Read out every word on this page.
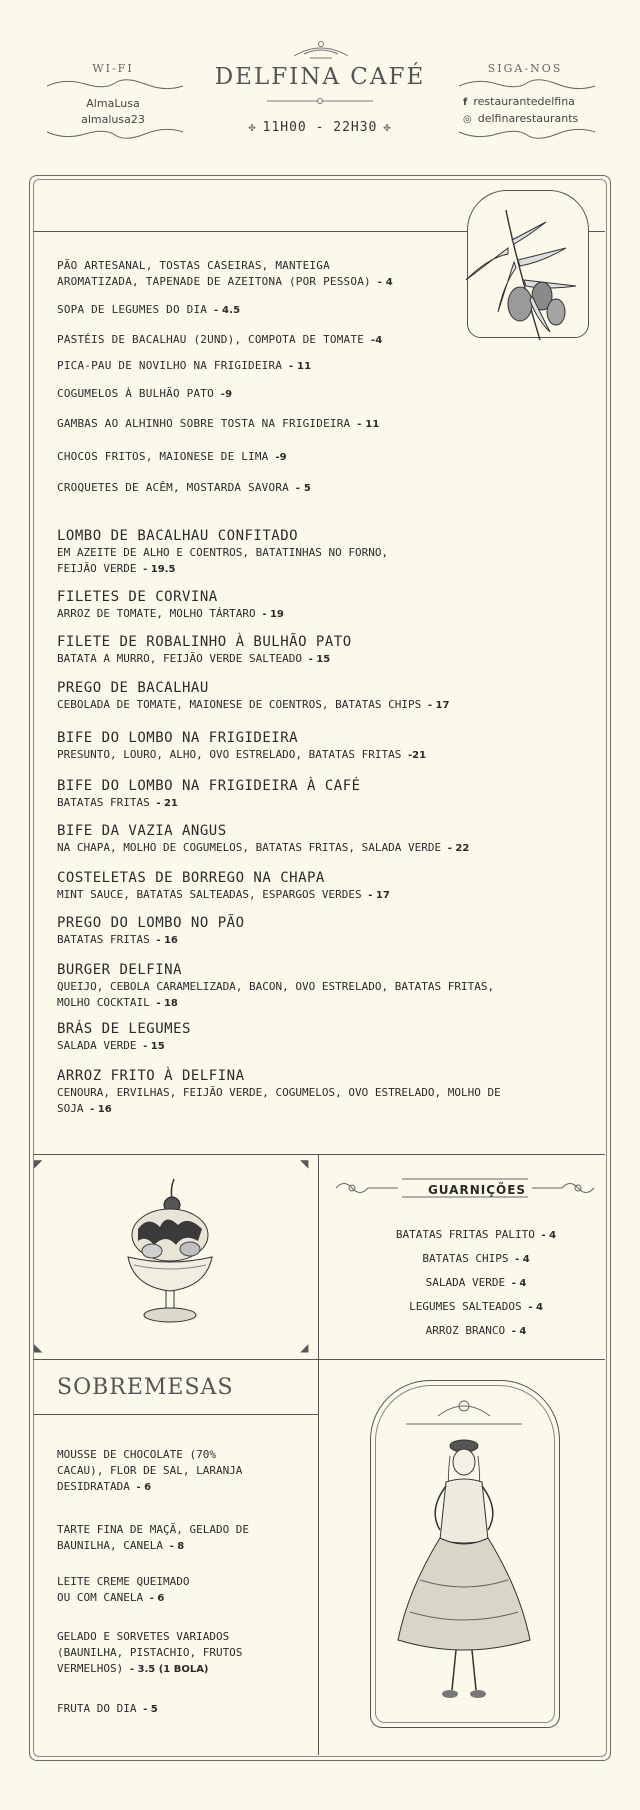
WI-FI
AlmaLusa
almalusa23
DELFINA CAFÉ
✤ 11H00 - 22H30 ✤
SIGA-NOS
f restaurantedelfina
◎ delfinarestaurants
PÃO ARTESANAL, TOSTAS CASEIRAS, MANTEIGA
AROMATIZADA, TAPENADE DE AZEITONA (POR PESSOA) - 4
SOPA DE LEGUMES DO DIA - 4.5
PASTÉIS DE BACALHAU (2UND), COMPOTA DE TOMATE -4
PICA-PAU DE NOVILHO NA FRIGIDEIRA - 11
COGUMELOS À BULHÃO PATO -9
GAMBAS AO ALHINHO SOBRE TOSTA NA FRIGIDEIRA - 11
CHOCOS FRITOS, MAIONESE DE LIMA -9
CROQUETES DE ACÊM, MOSTARDA SAVORA - 5
LOMBO DE BACALHAU CONFITADO
EM AZEITE DE ALHO E COENTROS, BATATINHAS NO FORNO,
FEIJÃO VERDE - 19.5
FILETES DE CORVINA
ARROZ DE TOMATE, MOLHO TÁRTARO - 19
FILETE DE ROBALINHO À BULHÃO PATO
BATATA A MURRO, FEIJÃO VERDE SALTEADO - 15
PREGO DE BACALHAU
CEBOLADA DE TOMATE, MAIONESE DE COENTROS, BATATAS CHIPS - 17
BIFE DO LOMBO NA FRIGIDEIRA
PRESUNTO, LOURO, ALHO, OVO ESTRELADO, BATATAS FRITAS -21
BIFE DO LOMBO NA FRIGIDEIRA À CAFÉ
BATATAS FRITAS - 21
BIFE DA VAZIA ANGUS
NA CHAPA, MOLHO DE COGUMELOS, BATATAS FRITAS, SALADA VERDE - 22
COSTELETAS DE BORREGO NA CHAPA
MINT SAUCE, BATATAS SALTEADAS, ESPARGOS VERDES - 17
PREGO DO LOMBO NO PÃO
BATATAS FRITAS - 16
BURGER DELFINA
QUEIJO, CEBOLA CARAMELIZADA, BACON, OVO ESTRELADO, BATATAS FRITAS,
MOLHO COCKTAIL - 18
BRÁS DE LEGUMES
SALADA VERDE - 15
ARROZ FRITO À DELFINA
CENOURA, ERVILHAS, FEIJÃO VERDE, COGUMELOS, OVO ESTRELADO, MOLHO DE
SOJA - 16
◤	◥
◣	◢
GUARNIÇÕES
BATATAS FRITAS PALITO - 4
BATATAS CHIPS - 4
SALADA VERDE - 4
LEGUMES SALTEADOS - 4
ARROZ BRANCO - 4
SOBREMESAS
MOUSSE DE CHOCOLATE (70%
CACAU), FLOR DE SAL, LARANJA
DESIDRATADA - 6
TARTE FINA DE MAÇÃ, GELADO DE
BAUNILHA, CANELA - 8
LEITE CREME QUEIMADO
OU COM CANELA - 6
GELADO E SORVETES VARIADOS
(BAUNILHA, PISTACHIO, FRUTOS
VERMELHOS) - 3.5 (1 BOLA)
FRUTA DO DIA - 5
